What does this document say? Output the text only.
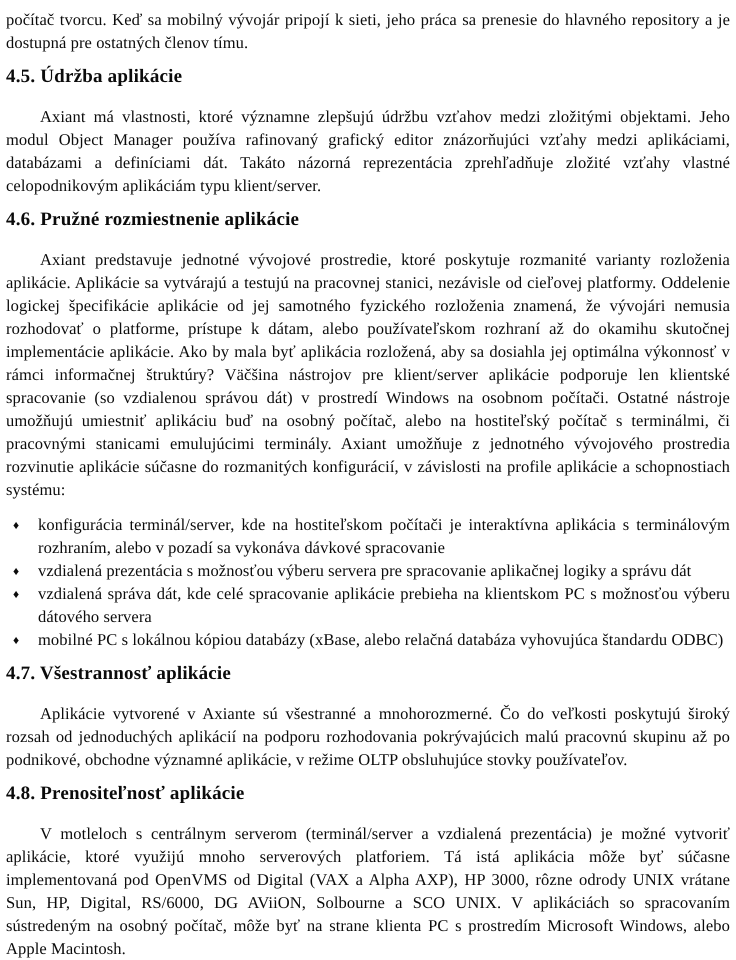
počítač tvorcu. Keď sa mobilný vývojár pripojí k sieti, jeho práca sa prenesie do hlavného repository a je dostupná pre ostatných členov tímu.

4.5. Údržba aplikácie

Axiant má vlastnosti, ktoré významne zlepšujú údržbu vzťahov medzi zložitými objektami. Jeho modul Object Manager používa rafinovaný grafický editor znázorňujúci vzťahy medzi aplikáciami, databázami a definíciami dát. Takáto názorná reprezentácia zprehľadňuje zložité vzťahy vlastné celopodnikovým aplikáciám typu klient/server.

4.6. Pružné rozmiestnenie aplikácie

Axiant predstavuje jednotné vývojové prostredie, ktoré poskytuje rozmanité varianty rozloženia aplikácie. Aplikácie sa vytvárajú a testujú na pracovnej stanici, nezávisle od cieľovej platformy. Oddelenie logickej špecifikácie aplikácie od jej samotného fyzického rozloženia znamená, že vývojári nemusia rozhodovať o platforme, prístupe k dátam, alebo používateľskom rozhraní až do okamihu skutočnej implementácie aplikácie. Ako by mala byť aplikácia rozložená, aby sa dosiahla jej optimálna výkonnosť v rámci informačnej štruktúry? Väčšina nástrojov pre klient/server aplikácie podporuje len klientské spracovanie (so vzdialenou správou dát) v prostredí Windows na osobnom počítači. Ostatné nástroje umožňujú umiestniť aplikáciu buď na osobný počítač, alebo na hostiteľský počítač s terminálmi, či pracovnými stanicami emulujúcimi terminály. Axiant umožňuje z jednotného vývojového prostredia rozvinutie aplikácie súčasne do rozmanitých konfigurácií, v závislosti na profile aplikácie a schopnostiach systému:

♦ konfigurácia terminál/server, kde na hostiteľskom počítači je interaktívna aplikácia s terminálovým rozhraním, alebo v pozadí sa vykonáva dávkové spracovanie
♦ vzdialená prezentácia s možnosťou výberu servera pre spracovanie aplikačnej logiky a správu dát
♦ vzdialená správa dát, kde celé spracovanie aplikácie prebieha na klientskom PC s možnosťou výberu dátového servera
♦ mobilné PC s lokálnou kópiou databázy (xBase, alebo relačná databáza vyhovujúca štandardu ODBC)
4.7. Všestrannosť aplikácie

Aplikácie vytvorené v Axiante sú všestranné a mnohorozmerné. Čo do veľkosti poskytujú široký rozsah od jednoduchých aplikácií na podporu rozhodovania pokrývajúcich malú pracovnú skupinu až po podnikové, obchodne významné aplikácie, v režime OLTP obsluhujúce stovky používateľov.

4.8. Prenositeľnosť aplikácie

V motleloch s centrálnym serverom (terminál/server a vzdialená prezentácia) je možné vytvoriť aplikácie, ktoré využijú mnoho serverových platforiem. Tá istá aplikácia môže byť súčasne implementovaná pod OpenVMS od Digital (VAX a Alpha AXP), HP 3000, rôzne odrody UNIX vrátane Sun, HP, Digital, RS/6000, DG AViiON, Solbourne a SCO UNIX. V aplikáciách so spracovaním sústredeným na osobný počítač, môže byť na strane klienta PC s prostredím Microsoft Windows, alebo Apple Macintosh.
